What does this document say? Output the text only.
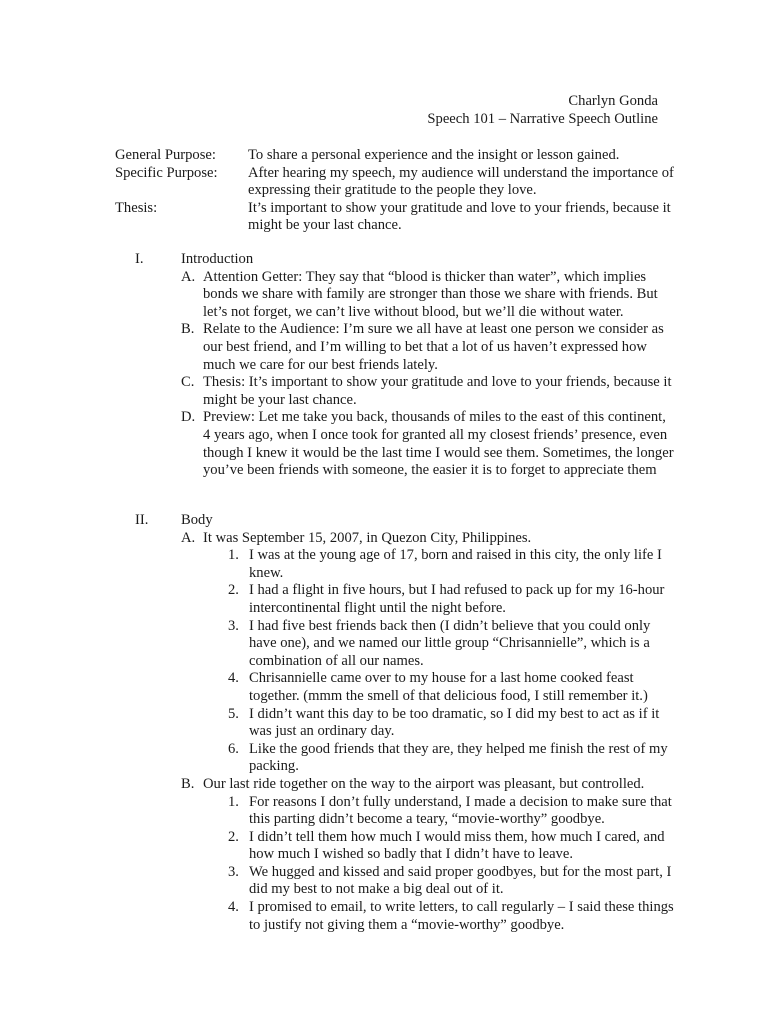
Charlyn Gonda
Speech 101 – Narrative Speech Outline
General Purpose:	To share a personal experience and the insight or lesson gained.
Specific Purpose:	After hearing my speech, my audience will understand the importance of expressing their gratitude to the people they love.
Thesis:	It’s important to show your gratitude and love to your friends, because it might be your last chance.
I.	Introduction
A. Attention Getter: They say that “blood is thicker than water”, which implies bonds we share with family are stronger than those we share with friends. But let’s not forget, we can’t live without blood, but we’ll die without water.
B. Relate to the Audience: I’m sure we all have at least one person we consider as our best friend, and I’m willing to bet that a lot of us haven’t expressed how much we care for our best friends lately.
C. Thesis: It’s important to show your gratitude and love to your friends, because it might be your last chance.
D. Preview: Let me take you back, thousands of miles to the east of this continent, 4 years ago, when I once took for granted all my closest friends’ presence, even though I knew it would be the last time I would see them. Sometimes, the longer you’ve been friends with someone, the easier it is to forget to appreciate them
II.	Body
A. It was September 15, 2007, in Quezon City, Philippines.
1. I was at the young age of 17, born and raised in this city, the only life I knew.
2. I had a flight in five hours, but I had refused to pack up for my 16-hour intercontinental flight until the night before.
3. I had five best friends back then (I didn’t believe that you could only have one), and we named our little group “Chrisannielle”, which is a combination of all our names.
4. Chrisannielle came over to my house for a last home cooked feast together. (mmm the smell of that delicious food, I still remember it.)
5. I didn’t want this day to be too dramatic, so I did my best to act as if it was just an ordinary day.
6. Like the good friends that they are, they helped me finish the rest of my packing.
B. Our last ride together on the way to the airport was pleasant, but controlled.
1. For reasons I don’t fully understand, I made a decision to make sure that this parting didn’t become a teary, “movie-worthy” goodbye.
2. I didn’t tell them how much I would miss them, how much I cared, and how much I wished so badly that I didn’t have to leave.
3. We hugged and kissed and said proper goodbyes, but for the most part, I did my best to not make a big deal out of it.
4. I promised to email, to write letters, to call regularly – I said these things to justify not giving them a “movie-worthy” goodbye.
